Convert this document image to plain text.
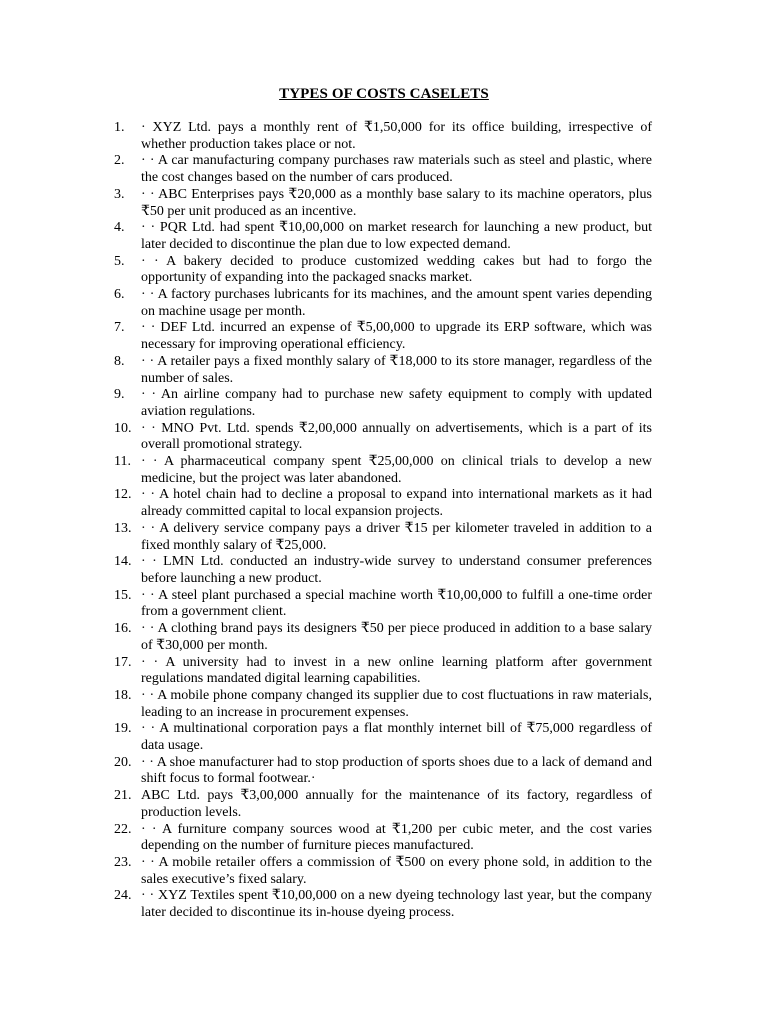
TYPES OF COSTS CASELETS
1.	· XYZ Ltd. pays a monthly rent of ₹1,50,000 for its office building, irrespective of whether production takes place or not.
2.	· · A car manufacturing company purchases raw materials such as steel and plastic, where the cost changes based on the number of cars produced.
3.	· · ABC Enterprises pays ₹20,000 as a monthly base salary to its machine operators, plus ₹50 per unit produced as an incentive.
4.	· · PQR Ltd. had spent ₹10,00,000 on market research for launching a new product, but later decided to discontinue the plan due to low expected demand.
5.	· · A bakery decided to produce customized wedding cakes but had to forgo the opportunity of expanding into the packaged snacks market.
6.	· · A factory purchases lubricants for its machines, and the amount spent varies depending on machine usage per month.
7.	· · DEF Ltd. incurred an expense of ₹5,00,000 to upgrade its ERP software, which was necessary for improving operational efficiency.
8.	· · A retailer pays a fixed monthly salary of ₹18,000 to its store manager, regardless of the number of sales.
9.	· · An airline company had to purchase new safety equipment to comply with updated aviation regulations.
10. · · MNO Pvt. Ltd. spends ₹2,00,000 annually on advertisements, which is a part of its overall promotional strategy.
11. · · A pharmaceutical company spent ₹25,00,000 on clinical trials to develop a new medicine, but the project was later abandoned.
12. · · A hotel chain had to decline a proposal to expand into international markets as it had already committed capital to local expansion projects.
13. · · A delivery service company pays a driver ₹15 per kilometer traveled in addition to a fixed monthly salary of ₹25,000.
14. · · LMN Ltd. conducted an industry-wide survey to understand consumer preferences before launching a new product.
15. · · A steel plant purchased a special machine worth ₹10,00,000 to fulfill a one-time order from a government client.
16. · · A clothing brand pays its designers ₹50 per piece produced in addition to a base salary of ₹30,000 per month.
17. · · A university had to invest in a new online learning platform after government regulations mandated digital learning capabilities.
18. · · A mobile phone company changed its supplier due to cost fluctuations in raw materials, leading to an increase in procurement expenses.
19. · · A multinational corporation pays a flat monthly internet bill of ₹75,000 regardless of data usage.
20. · · A shoe manufacturer had to stop production of sports shoes due to a lack of demand and shift focus to formal footwear.·
21. ABC Ltd. pays ₹3,00,000 annually for the maintenance of its factory, regardless of production levels.
22. · · A furniture company sources wood at ₹1,200 per cubic meter, and the cost varies depending on the number of furniture pieces manufactured.
23. · · A mobile retailer offers a commission of ₹500 on every phone sold, in addition to the sales executive’s fixed salary.
24. · · XYZ Textiles spent ₹10,00,000 on a new dyeing technology last year, but the company later decided to discontinue its in-house dyeing process.
